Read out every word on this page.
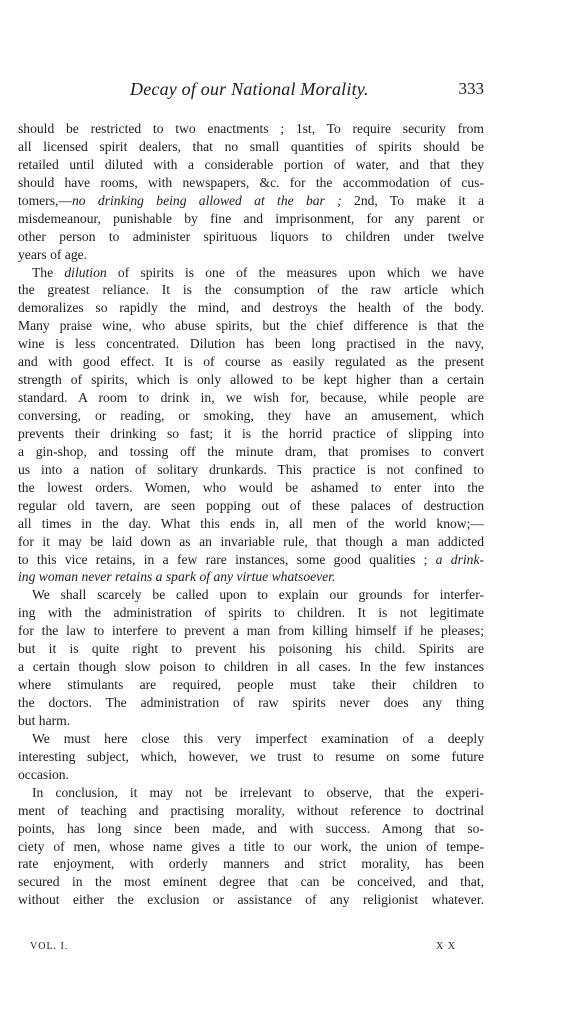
Decay of our National Morality.	333
should be restricted to two enactments ; 1st, To require security from
all licensed spirit dealers, that no small quantities of spirits should be
retailed until diluted with a considerable portion of water, and that they
should have rooms, with newspapers, &c. for the accommodation of cus-
tomers,—no drinking being allowed at the bar ; 2nd, To make it a
misdemeanour, punishable by fine and imprisonment, for any parent or
other person to administer spirituous liquors to children under twelve
years of age.
The dilution of spirits is one of the measures upon which we have
the greatest reliance. It is the consumption of the raw article which
demoralizes so rapidly the mind, and destroys the health of the body.
Many praise wine, who abuse spirits, but the chief difference is that the
wine is less concentrated. Dilution has been long practised in the navy,
and with good effect. It is of course as easily regulated as the present
strength of spirits, which is only allowed to be kept higher than a certain
standard. A room to drink in, we wish for, because, while people are
conversing, or reading, or smoking, they have an amusement, which
prevents their drinking so fast; it is the horrid practice of slipping into
a gin-shop, and tossing off the minute dram, that promises to convert
us into a nation of solitary drunkards. This practice is not confined to
the lowest orders. Women, who would be ashamed to enter into the
regular old tavern, are seen popping out of these palaces of destruction
all times in the day. What this ends in, all men of the world know;—
for it may be laid down as an invariable rule, that though a man addicted
to this vice retains, in a few rare instances, some good qualities ; a drink-
ing woman never retains a spark of any virtue whatsoever.
We shall scarcely be called upon to explain our grounds for interfer-
ing with the administration of spirits to children. It is not legitimate
for the law to interfere to prevent a man from killing himself if he pleases;
but it is quite right to prevent his poisoning his child. Spirits are
a certain though slow poison to children in all cases. In the few instances
where stimulants are required, people must take their children to
the doctors. The administration of raw spirits never does any thing
but harm.
We must here close this very imperfect examination of a deeply
interesting subject, which, however, we trust to resume on some future
occasion.
In conclusion, it may not be irrelevant to observe, that the experi-
ment of teaching and practising morality, without reference to doctrinal
points, has long since been made, and with success. Among that so-
ciety of men, whose name gives a title to our work, the union of tempe-
rate enjoyment, with orderly manners and strict morality, has been
secured in the most eminent degree that can be conceived, and that,
without either the exclusion or assistance of any religionist whatever.
VOL. I.	X X
